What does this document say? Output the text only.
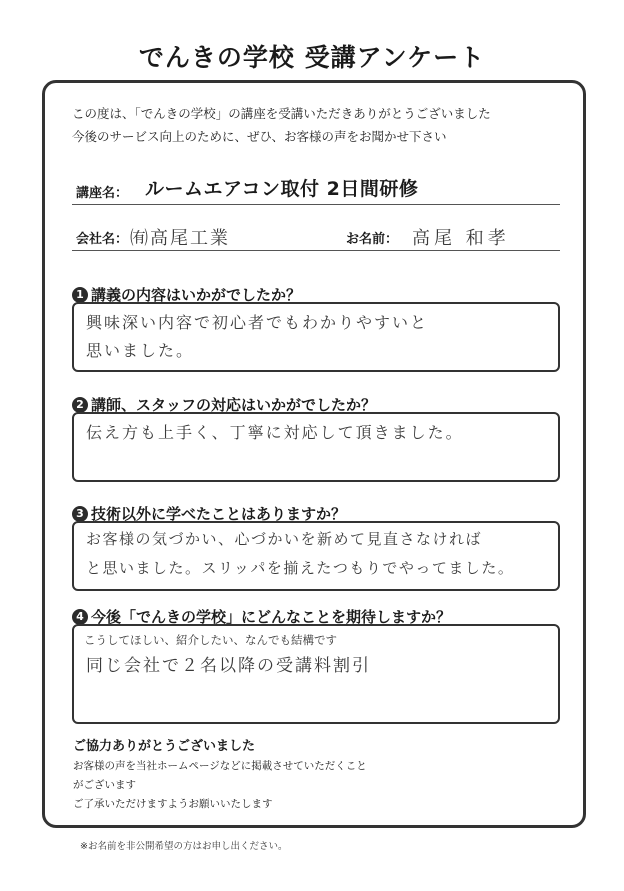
でんきの学校 受講アンケート
この度は、「でんきの学校」の講座を受講いただきありがとうございました
今後のサービス向上のために、ぜひ、お客様の声をお聞かせ下さい
講座名： ルームエアコン取付 2日間研修
会社名： ㈲高尾工業	お名前： 高尾 和孝
1 講義の内容はいかがでしたか？
興味深い内容で初心者でもわかりやすいと
思いました。
2 講師、スタッフの対応はいかがでしたか？
伝え方も上手く、丁寧に対応して頂きました。
3 技術以外に学べたことはありますか？
お客様の気づかい、心づかいを新めて見直さなければ
と思いました。スリッパを揃えたつもりでやってました。
4 今後「でんきの学校」にどんなことを期待しますか？
こうしてほしい、紹介したい、なんでも結構です
同じ会社で２名以降の受講料割引
ご協力ありがとうございました
お客様の声を当社ホームページなどに掲載させていただくこと
がございます
ご了承いただけますようお願いいたします
※お名前を非公開希望の方はお申し出ください。
